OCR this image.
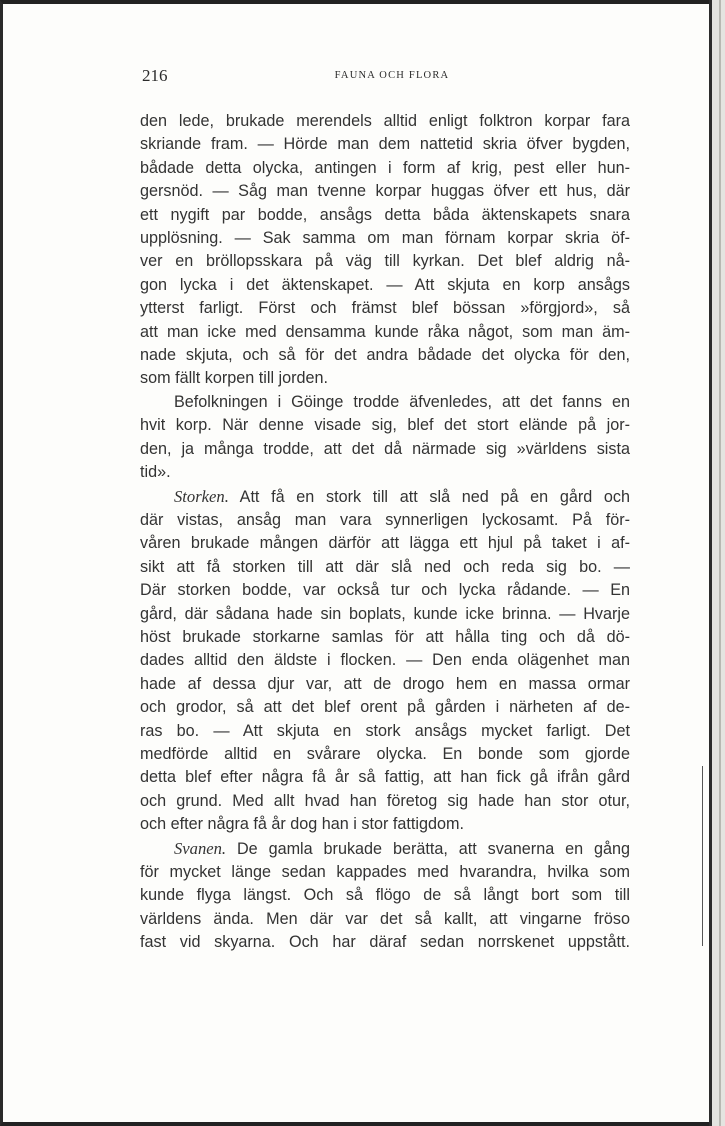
216	FAUNA OCH FLORA
den lede, brukade merendels alltid enligt folktron korpar fara
skriande fram. — Hörde man dem nattetid skria öfver bygden,
bådade detta olycka, antingen i form af krig, pest eller hun-
gersnöd. — Såg man tvenne korpar huggas öfver ett hus, där
ett nygift par bodde, ansågs detta båda äktenskapets snara
upplösning. — Sak samma om man förnam korpar skria öf-
ver en bröllopsskara på väg till kyrkan. Det blef aldrig nå-
gon lycka i det äktenskapet. — Att skjuta en korp ansågs
ytterst farligt. Först och främst blef bössan »förgjord», så
att man icke med densamma kunde råka något, som man äm-
nade skjuta, och så för det andra bådade det olycka för den,
som fällt korpen till jorden.
Befolkningen i Göinge trodde äfvenledes, att det fanns en
hvit korp. När denne visade sig, blef det stort elände på jor-
den, ja många trodde, att det då närmade sig »världens sista
tid».
Storken. Att få en stork till att slå ned på en gård och
där vistas, ansåg man vara synnerligen lyckosamt. På för-
våren brukade mången därför att lägga ett hjul på taket i af-
sikt att få storken till att där slå ned och reda sig bo. —
Där storken bodde, var också tur och lycka rådande. — En
gård, där sådana hade sin boplats, kunde icke brinna. — Hvarje
höst brukade storkarne samlas för att hålla ting och då dö-
dades alltid den äldste i flocken. — Den enda olägenhet man
hade af dessa djur var, att de drogo hem en massa ormar
och grodor, så att det blef orent på gården i närheten af de-
ras bo. — Att skjuta en stork ansågs mycket farligt. Det
medförde alltid en svårare olycka. En bonde som gjorde
detta blef efter några få år så fattig, att han fick gå ifrån gård
och grund. Med allt hvad han företog sig hade han stor otur,
och efter några få år dog han i stor fattigdom.
Svanen. De gamla brukade berätta, att svanerna en gång
för mycket länge sedan kappades med hvarandra, hvilka som
kunde flyga längst. Och så flögo de så långt bort som till
världens ända. Men där var det så kallt, att vingarne fröso
fast vid skyarna. Och har däraf sedan norrskenet uppstått.
